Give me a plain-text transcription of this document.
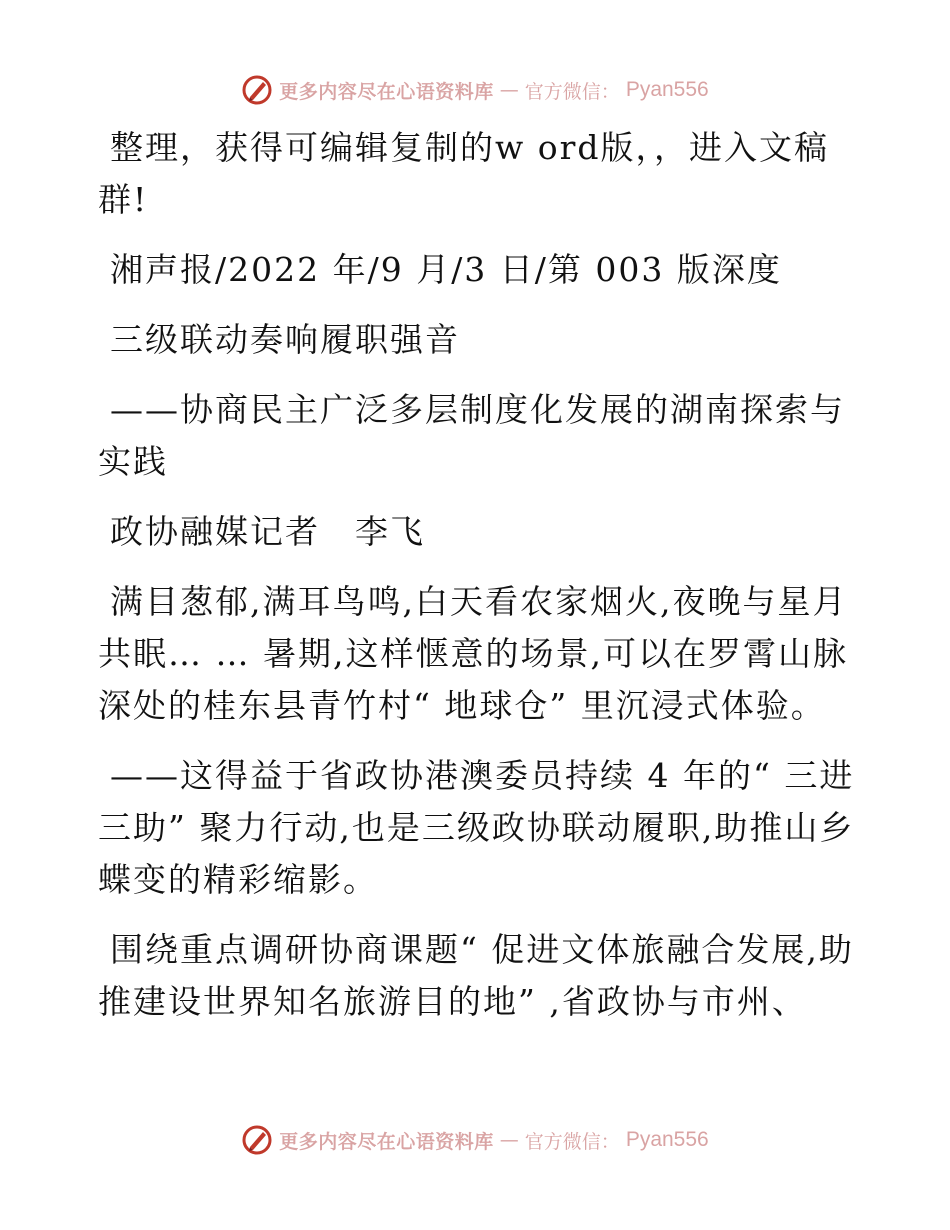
更多内容尽在心语资料库 — 官方微信： Pyan556

整理，获得可编辑复制的w ord版，，进入文稿群!

湘声报/2022 年/9 月/3 日/第 003 版深度

三级联动奏响履职强音

——协商民主广泛多层制度化发展的湖南探索与实践

政协融媒记者　李飞

满目葱郁,满耳鸟鸣,白天看农家烟火,夜晚与星月共眠… … 暑期,这样惬意的场景,可以在罗霄山脉深处的桂东县青竹村“ 地球仓” 里沉浸式体验。

——这得益于省政协港澳委员持续 4 年的“ 三进三助” 聚力行动,也是三级政协联动履职,助推山乡蝶变的精彩缩影。

围绕重点调研协商课题“ 促进文体旅融合发展,助推建设世界知名旅游目的地” ,省政协与市州、

更多内容尽在心语资料库 — 官方微信： Pyan556
